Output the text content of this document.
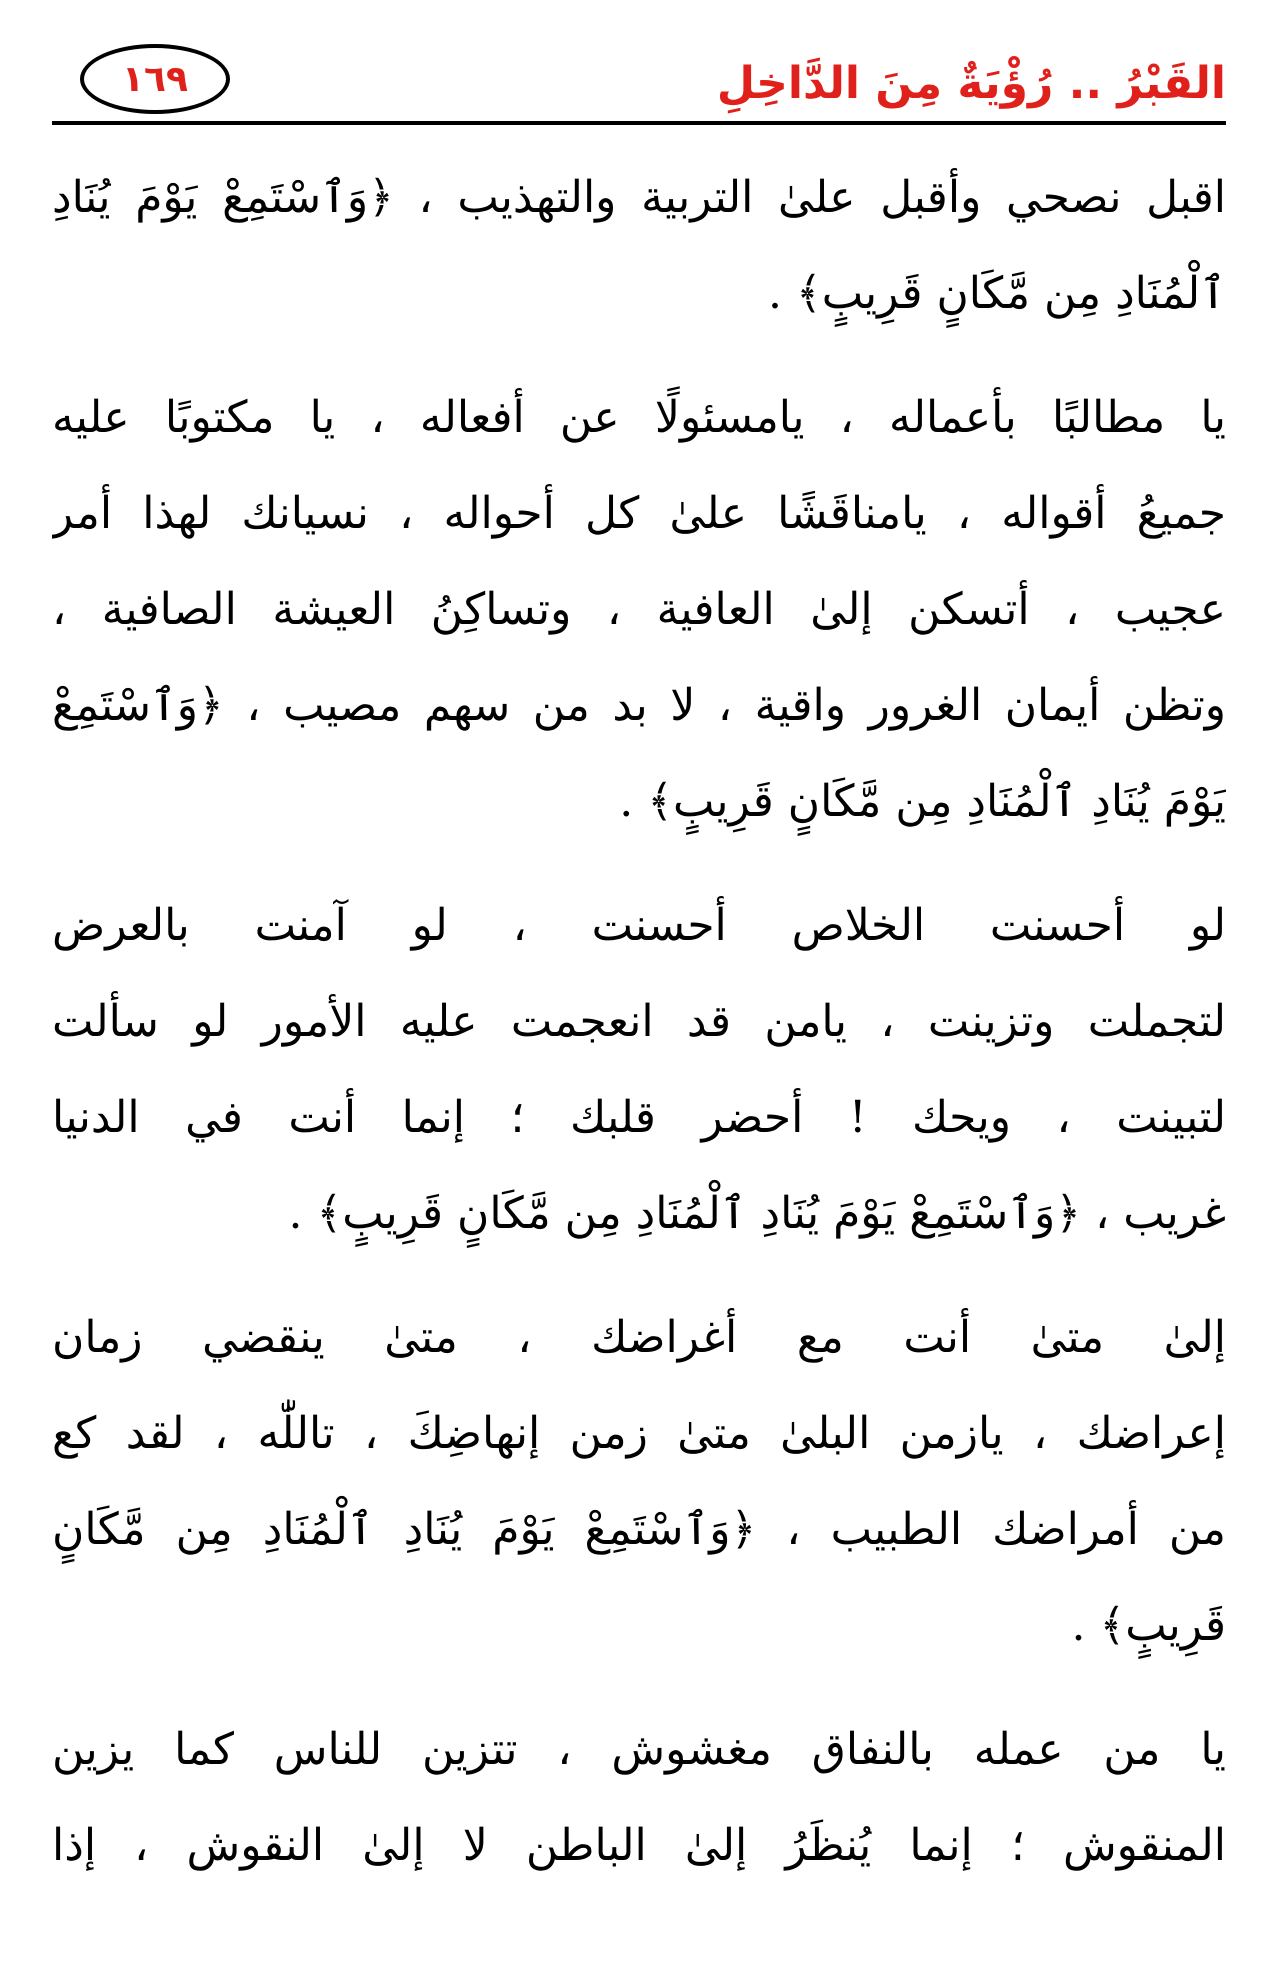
القَبْرُ .. رُؤْيَةٌ مِنَ الدَّاخِلِ
١٦٩
اقبل نصحي وأقبل علىٰ التربية والتهذيب ، ﴿وَٱسْتَمِعْ يَوْمَ يُنَادِ
ٱلْمُنَادِ مِن مَّكَانٍ قَرِيبٍ﴾ .
يا مطالبًا بأعماله ، يامسئولًا عن أفعاله ، يا مكتوبًا عليه
جميعُ أقواله ، يامناقَشًا علىٰ كل أحواله ، نسيانك لهذا أمر
عجيب ، أتسكن إلىٰ العافية ، وتساكِنُ العيشة الصافية ،
وتظن أيمان الغرور واقية ، لا بد من سهم مصيب ، ﴿وَٱسْتَمِعْ
يَوْمَ يُنَادِ ٱلْمُنَادِ مِن مَّكَانٍ قَرِيبٍ﴾ .
لو أحسنت الخلاص أحسنت ، لو آمنت بالعرض
لتجملت وتزينت ، يامن قد انعجمت عليه الأمور لو سألت
لتبينت ، ويحك ! أحضر قلبك ؛ إنما أنت في الدنيا
غريب ، ﴿وَٱسْتَمِعْ يَوْمَ يُنَادِ ٱلْمُنَادِ مِن مَّكَانٍ قَرِيبٍ﴾ .
إلىٰ متىٰ أنت مع أغراضك ، متىٰ ينقضي زمان
إعراضك ، يازمن البلىٰ متىٰ زمن إنهاضِكَ ، تاللّٰه ، لقد كع
من أمراضك الطبيب ، ﴿وَٱسْتَمِعْ يَوْمَ يُنَادِ ٱلْمُنَادِ مِن مَّكَانٍ
قَرِيبٍ﴾ .
يا من عمله بالنفاق مغشوش ، تتزين للناس كما يزين
المنقوش ؛ إنما يُنظَرُ إلىٰ الباطن لا إلىٰ النقوش ، إذا
